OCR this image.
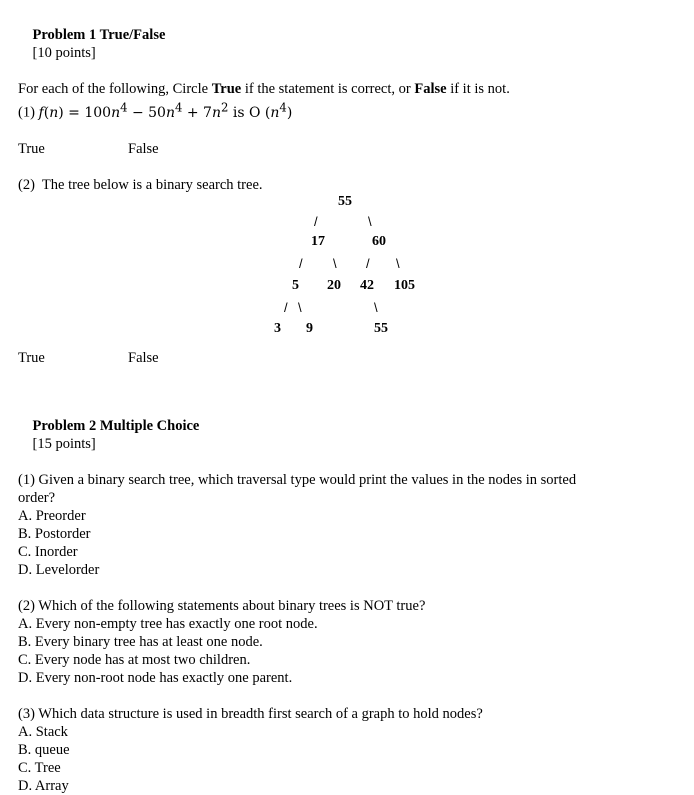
Problem 1 True/False
[10 points]

For each of the following, Circle True if the statement is correct, or False if it is not.
(1) $f(n) = 100n^4 - 50n^4 + 7n^2$ is O $(n^4)$
True	False
(2)  The tree below is a binary search tree.
55
/	\
17	60
/ \ / \
5 20 42 105
/ \	\
3 9	55
True	False

Problem 2 Multiple Choice
[15 points]

(1) Given a binary search tree, which traversal type would print the values in the nodes in sorted
order?
A. Preorder
B. Postorder
C. Inorder
D. Levelorder
(2) Which of the following statements about binary trees is NOT true?
A. Every non-empty tree has exactly one root node.
B. Every binary tree has at least one node.
C. Every node has at most two children.
D. Every non-root node has exactly one parent.
(3) Which data structure is used in breadth first search of a graph to hold nodes?
A. Stack
B. queue
C. Tree
D. Array
